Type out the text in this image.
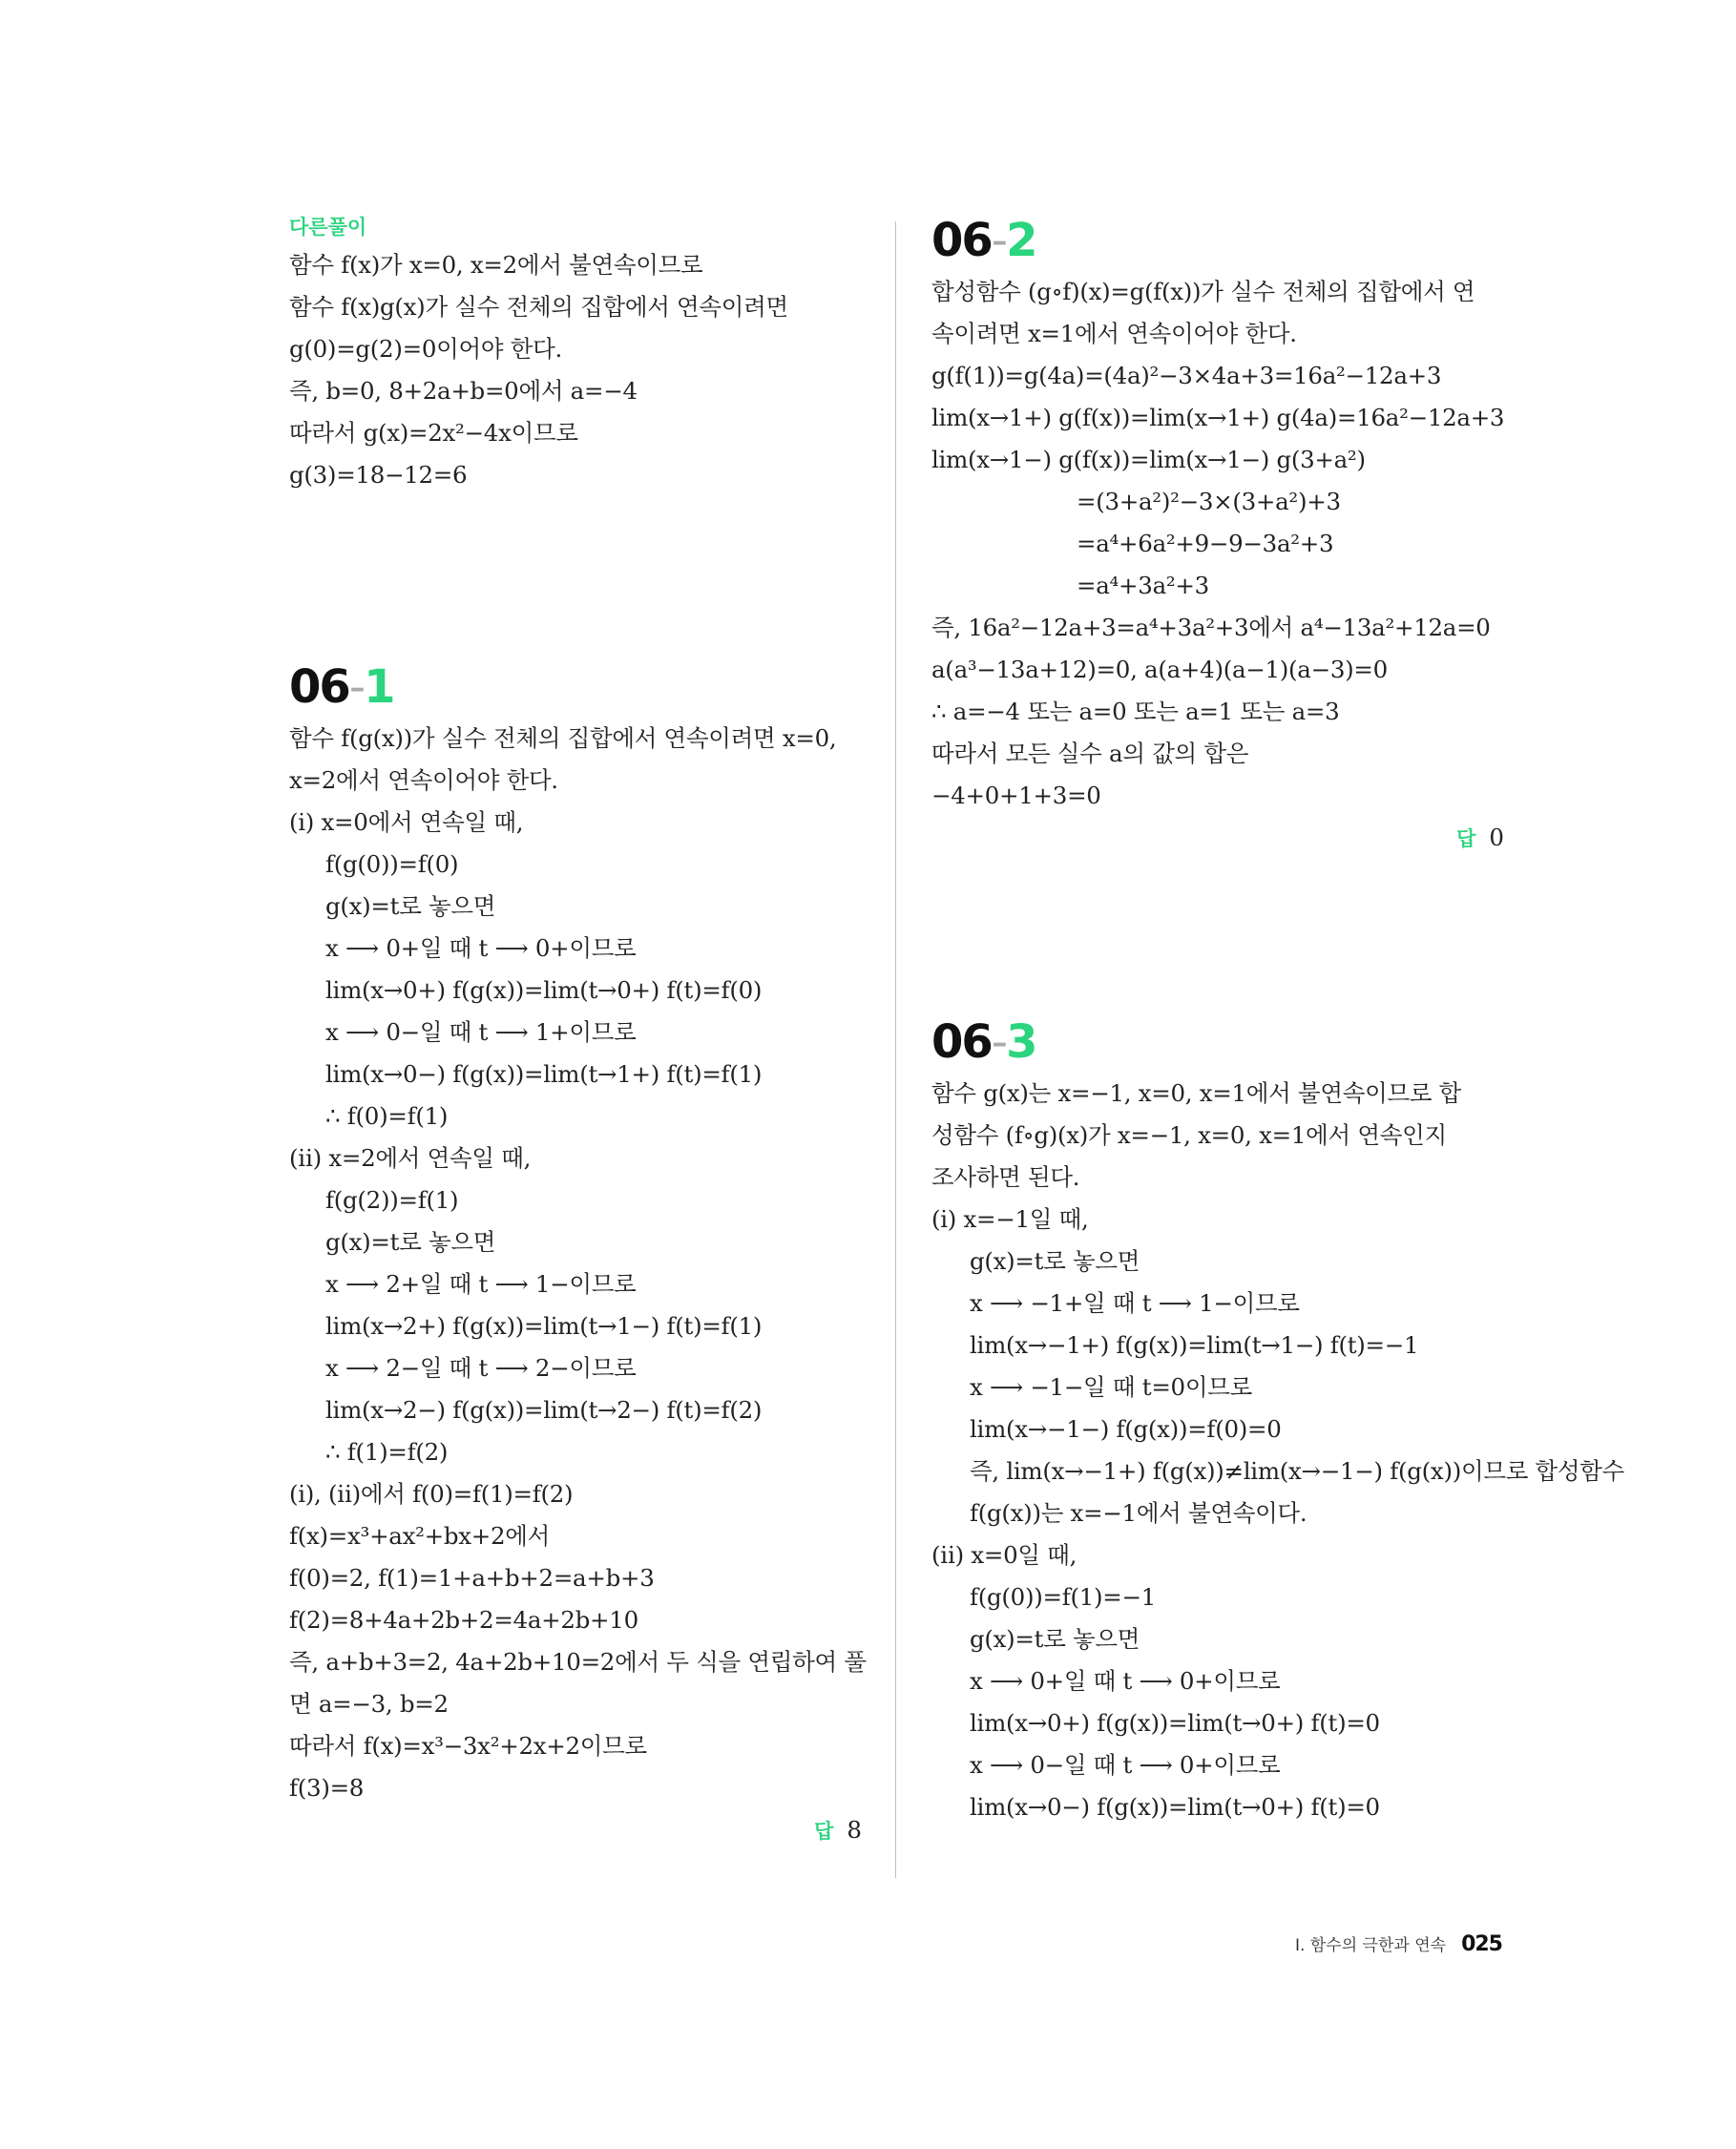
다른풀이
함수 f(x)가 x=0, x=2에서 불연속이므로
함수 f(x)g(x)가 실수 전체의 집합에서 연속이려면
g(0)=g(2)=0이어야 한다.
즉, b=0, 8+2a+b=0에서 a=−4
따라서 g(x)=2x²−4x이므로
g(3)=18−12=6
06-1
함수 f(g(x))가 실수 전체의 집합에서 연속이려면 x=0,
x=2에서 연속이어야 한다.
(ⅰ) x=0에서 연속일 때,
f(g(0))=f(0)
g(x)=t로 놓으면
x ⟶ 0+일 때 t ⟶ 0+이므로
lim(x→0+) f(g(x))=lim(t→0+) f(t)=f(0)
x ⟶ 0−일 때 t ⟶ 1+이므로
lim(x→0−) f(g(x))=lim(t→1+) f(t)=f(1)
∴ f(0)=f(1)
(ⅱ) x=2에서 연속일 때,
f(g(2))=f(1)
g(x)=t로 놓으면
x ⟶ 2+일 때 t ⟶ 1−이므로
lim(x→2+) f(g(x))=lim(t→1−) f(t)=f(1)
x ⟶ 2−일 때 t ⟶ 2−이므로
lim(x→2−) f(g(x))=lim(t→2−) f(t)=f(2)
∴ f(1)=f(2)
(ⅰ), (ⅱ)에서 f(0)=f(1)=f(2)
f(x)=x³+ax²+bx+2에서
f(0)=2, f(1)=1+a+b+2=a+b+3
f(2)=8+4a+2b+2=4a+2b+10
즉, a+b+3=2, 4a+2b+10=2에서 두 식을 연립하여 풀
면 a=−3, b=2
따라서 f(x)=x³−3x²+2x+2이므로
f(3)=8
답 8
06-2
합성함수 (g∘f)(x)=g(f(x))가 실수 전체의 집합에서 연
속이려면 x=1에서 연속이어야 한다.
g(f(1))=g(4a)=(4a)²−3×4a+3=16a²−12a+3
lim(x→1+) g(f(x))=lim(x→1+) g(4a)=16a²−12a+3
lim(x→1−) g(f(x))=lim(x→1−) g(3+a²)
=(3+a²)²−3×(3+a²)+3
=a⁴+6a²+9−9−3a²+3
=a⁴+3a²+3
즉, 16a²−12a+3=a⁴+3a²+3에서 a⁴−13a²+12a=0
a(a³−13a+12)=0, a(a+4)(a−1)(a−3)=0
∴ a=−4 또는 a=0 또는 a=1 또는 a=3
따라서 모든 실수 a의 값의 합은
−4+0+1+3=0
답 0
06-3
함수 g(x)는 x=−1, x=0, x=1에서 불연속이므로 합
성함수 (f∘g)(x)가 x=−1, x=0, x=1에서 연속인지
조사하면 된다.
(ⅰ) x=−1일 때,
g(x)=t로 놓으면
x ⟶ −1+일 때 t ⟶ 1−이므로
lim(x→−1+) f(g(x))=lim(t→1−) f(t)=−1
x ⟶ −1−일 때 t=0이므로
lim(x→−1−) f(g(x))=f(0)=0
즉, lim(x→−1+) f(g(x))≠lim(x→−1−) f(g(x))이므로 합성함수
f(g(x))는 x=−1에서 불연속이다.
(ⅱ) x=0일 때,
f(g(0))=f(1)=−1
g(x)=t로 놓으면
x ⟶ 0+일 때 t ⟶ 0+이므로
lim(x→0+) f(g(x))=lim(t→0+) f(t)=0
x ⟶ 0−일 때 t ⟶ 0+이므로
lim(x→0−) f(g(x))=lim(t→0+) f(t)=0
Ⅰ. 함수의 극한과 연속 025
